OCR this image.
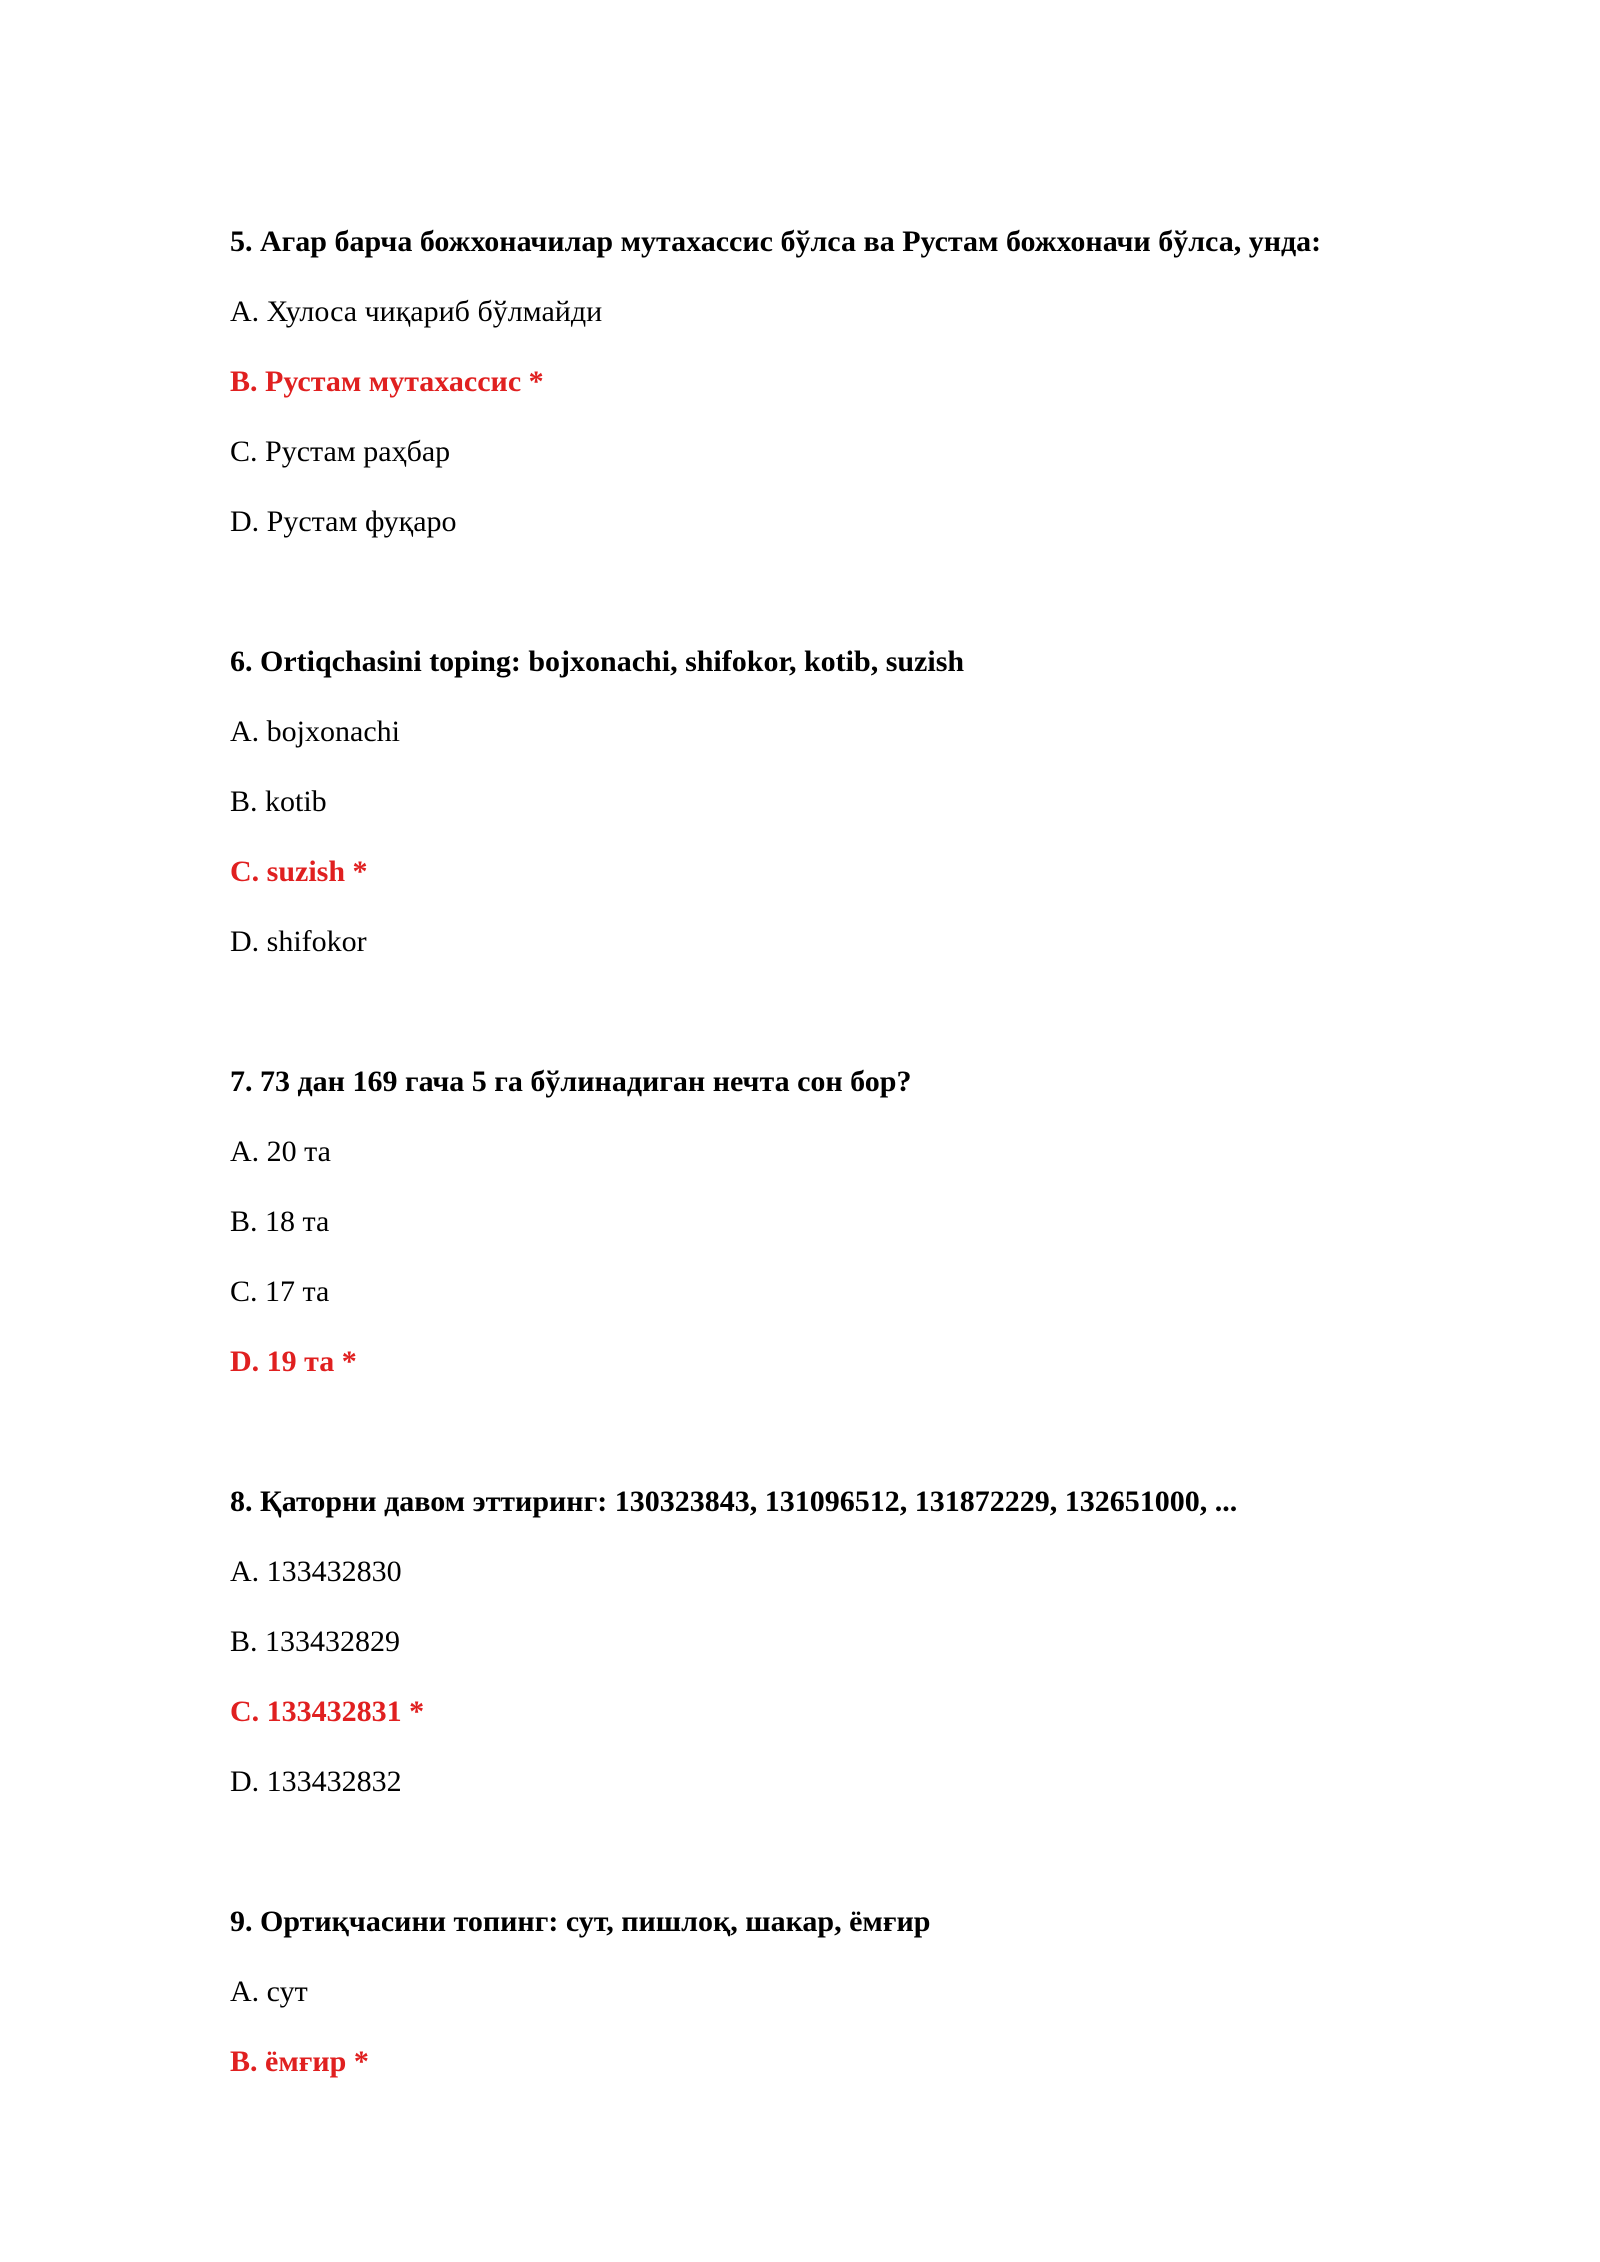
5. Агар барча божхоначилар мутахассис бўлса ва Рустам божхоначи бўлса, унда:
A. Хулоса чиқариб бўлмайди
B. Рустам мутахассис *
C. Рустам раҳбар
D. Рустам фуқаро
6. Ortiqchasini toping: bojxonachi, shifokor, kotib, suzish
A. bojxonachi
B. kotib
C. suzish *
D. shifokor
7. 73 дан 169 гача 5 га бўлинадиган нечта сон бор?
A. 20 та
B. 18 та
C. 17 та
D. 19 та *
8. Қаторни давом эттиринг: 130323843, 131096512, 131872229, 132651000, ...
A. 133432830
B. 133432829
C. 133432831 *
D. 133432832
9. Ортиқчасини топинг: сут, пишлоқ, шакар, ёмғир
A. сут
B. ёмғир *
